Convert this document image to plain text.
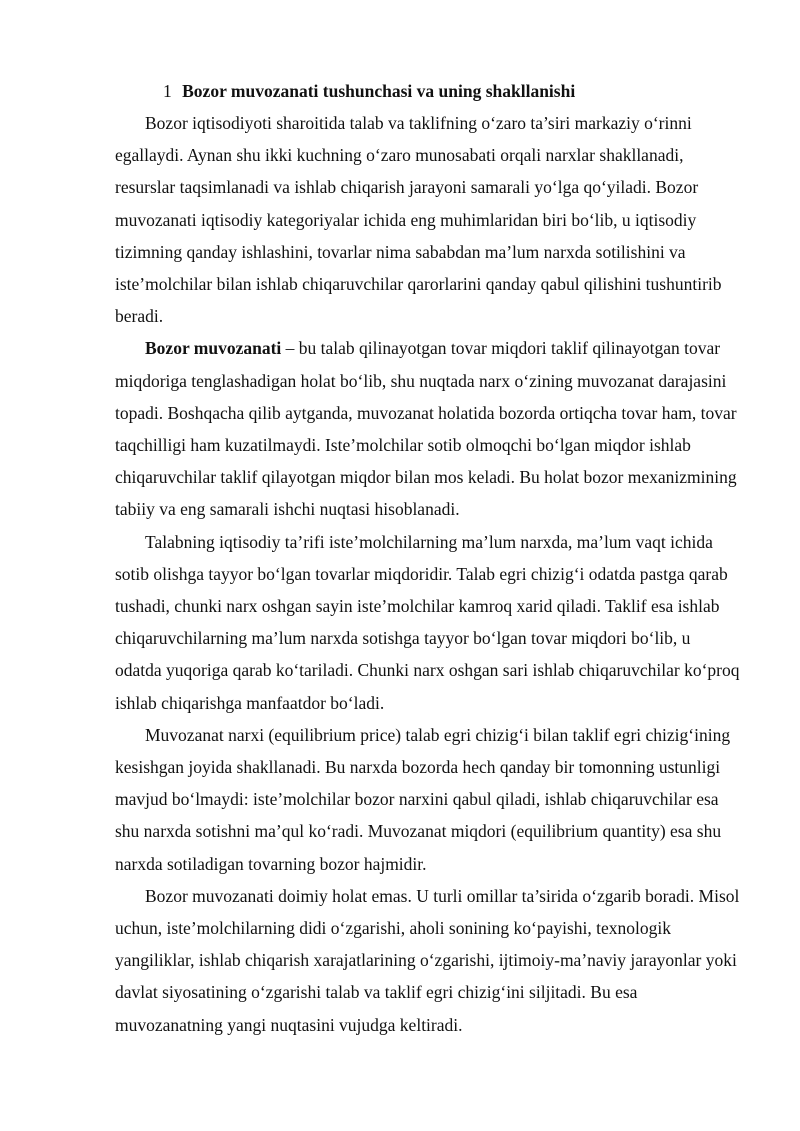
1 Bozor muvozanati tushunchasi va uning shakllanishi

Bozor iqtisodiyoti sharoitida talab va taklifning o‘zaro ta’siri markaziy o‘rinni egallaydi. Aynan shu ikki kuchning o‘zaro munosabati orqali narxlar shakllanadi, resurslar taqsimlanadi va ishlab chiqarish jarayoni samarali yo‘lga qo‘yiladi. Bozor muvozanati iqtisodiy kategoriyalar ichida eng muhimlaridan biri bo‘lib, u iqtisodiy tizimning qanday ishlashini, tovarlar nima sababdan ma’lum narxda sotilishini va iste’molchilar bilan ishlab chiqaruvchilar qarorlarini qanday qabul qilishini tushuntirib beradi.

Bozor muvozanati – bu talab qilinayotgan tovar miqdori taklif qilinayotgan tovar miqdoriga tenglashadigan holat bo‘lib, shu nuqtada narx o‘zining muvozanat darajasini topadi. Boshqacha qilib aytganda, muvozanat holatida bozorda ortiqcha tovar ham, tovar taqchilligi ham kuzatilmaydi. Iste’molchilar sotib olmoqchi bo‘lgan miqdor ishlab chiqaruvchilar taklif qilayotgan miqdor bilan mos keladi. Bu holat bozor mexanizmining tabiiy va eng samarali ishchi nuqtasi hisoblanadi.

Talabning iqtisodiy ta’rifi iste’molchilarning ma’lum narxda, ma’lum vaqt ichida sotib olishga tayyor bo‘lgan tovarlar miqdoridir. Talab egri chizig‘i odatda pastga qarab tushadi, chunki narx oshgan sayin iste’molchilar kamroq xarid qiladi. Taklif esa ishlab chiqaruvchilarning ma’lum narxda sotishga tayyor bo‘lgan tovar miqdori bo‘lib, u odatda yuqoriga qarab ko‘tariladi. Chunki narx oshgan sari ishlab chiqaruvchilar ko‘proq ishlab chiqarishga manfaatdor bo‘ladi.

Muvozanat narxi (equilibrium price) talab egri chizig‘i bilan taklif egri chizig‘ining kesishgan joyida shakllanadi. Bu narxda bozorda hech qanday bir tomonning ustunligi mavjud bo‘lmaydi: iste’molchilar bozor narxini qabul qiladi, ishlab chiqaruvchilar esa shu narxda sotishni ma’qul ko‘radi. Muvozanat miqdori (equilibrium quantity) esa shu narxda sotiladigan tovarning bozor hajmidir.

Bozor muvozanati doimiy holat emas. U turli omillar ta’sirida o‘zgarib boradi. Misol uchun, iste’molchilarning didi o‘zgarishi, aholi sonining ko‘payishi, texnologik yangiliklar, ishlab chiqarish xarajatlarining o‘zgarishi, ijtimoiy-ma’naviy jarayonlar yoki davlat siyosatining o‘zgarishi talab va taklif egri chizig‘ini siljitadi. Bu esa muvozanatning yangi nuqtasini vujudga keltiradi.
